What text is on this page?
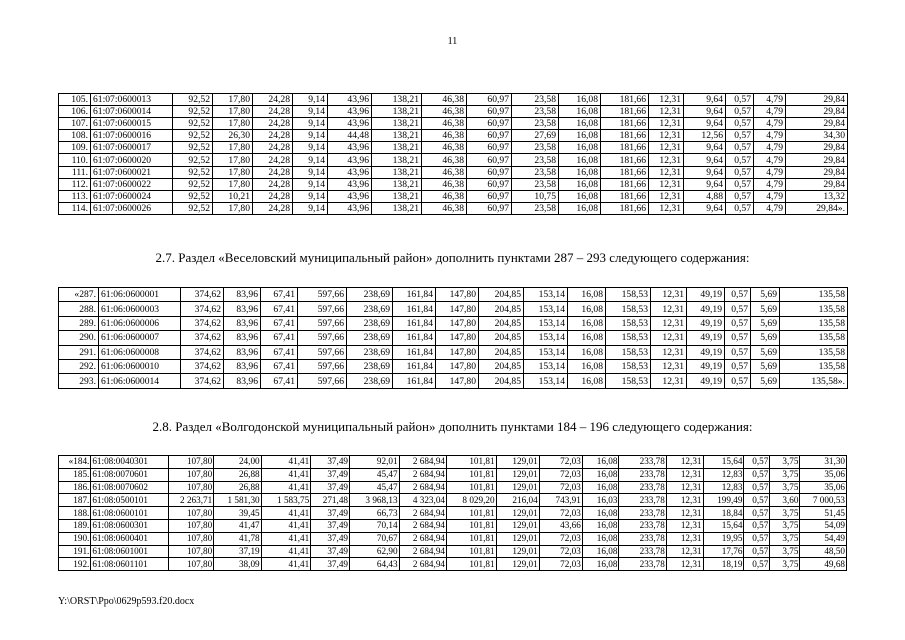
11
105.	61:07:0600013	92,52	17,80	24,28	9,14	43,96	138,21	46,38	60,97	23,58	16,08	181,66	12,31	9,64	0,57	4,79	29,84
106.	61:07:0600014	92,52	17,80	24,28	9,14	43,96	138,21	46,38	60,97	23,58	16,08	181,66	12,31	9,64	0,57	4,79	29,84
107.	61:07:0600015	92,52	17,80	24,28	9,14	43,96	138,21	46,38	60,97	23,58	16,08	181,66	12,31	9,64	0,57	4,79	29,84
108.	61:07:0600016	92,52	26,30	24,28	9,14	44,48	138,21	46,38	60,97	27,69	16,08	181,66	12,31	12,56	0,57	4,79	34,30
109.	61:07:0600017	92,52	17,80	24,28	9,14	43,96	138,21	46,38	60,97	23,58	16,08	181,66	12,31	9,64	0,57	4,79	29,84
110.	61:07:0600020	92,52	17,80	24,28	9,14	43,96	138,21	46,38	60,97	23,58	16,08	181,66	12,31	9,64	0,57	4,79	29,84
111.	61:07:0600021	92,52	17,80	24,28	9,14	43,96	138,21	46,38	60,97	23,58	16,08	181,66	12,31	9,64	0,57	4,79	29,84
112.	61:07:0600022	92,52	17,80	24,28	9,14	43,96	138,21	46,38	60,97	23,58	16,08	181,66	12,31	9,64	0,57	4,79	29,84
113.	61:07:0600024	92,52	10,21	24,28	9,14	43,96	138,21	46,38	60,97	10,75	16,08	181,66	12,31	4,88	0,57	4,79	13,32
114.	61:07:0600026	92,52	17,80	24,28	9,14	43,96	138,21	46,38	60,97	23,58	16,08	181,66	12,31	9,64	0,57	4,79	29,84».
2.7. Раздел «Веселовский муниципальный район» дополнить пунктами 287 – 293 следующего содержания:
«287.	61:06:0600001	374,62	83,96	67,41	597,66	238,69	161,84	147,80	204,85	153,14	16,08	158,53	12,31	49,19	0,57	5,69	135,58
288.	61:06:0600003	374,62	83,96	67,41	597,66	238,69	161,84	147,80	204,85	153,14	16,08	158,53	12,31	49,19	0,57	5,69	135,58
289.	61:06:0600006	374,62	83,96	67,41	597,66	238,69	161,84	147,80	204,85	153,14	16,08	158,53	12,31	49,19	0,57	5,69	135,58
290.	61:06:0600007	374,62	83,96	67,41	597,66	238,69	161,84	147,80	204,85	153,14	16,08	158,53	12,31	49,19	0,57	5,69	135,58
291.	61:06:0600008	374,62	83,96	67,41	597,66	238,69	161,84	147,80	204,85	153,14	16,08	158,53	12,31	49,19	0,57	5,69	135,58
292.	61:06:0600010	374,62	83,96	67,41	597,66	238,69	161,84	147,80	204,85	153,14	16,08	158,53	12,31	49,19	0,57	5,69	135,58
293.	61:06:0600014	374,62	83,96	67,41	597,66	238,69	161,84	147,80	204,85	153,14	16,08	158,53	12,31	49,19	0,57	5,69	135,58».
2.8. Раздел «Волгодонской муниципальный район» дополнить пунктами 184 – 196 следующего содержания:
«184.	61:08:0040301	107,80	24,00	41,41	37,49	92,01	2 684,94	101,81	129,01	72,03	16,08	233,78	12,31	15,64	0,57	3,75	31,30
185.	61:08:0070601	107,80	26,88	41,41	37,49	45,47	2 684,94	101,81	129,01	72,03	16,08	233,78	12,31	12,83	0,57	3,75	35,06
186.	61:08:0070602	107,80	26,88	41,41	37,49	45,47	2 684,94	101,81	129,01	72,03	16,08	233,78	12,31	12,83	0,57	3,75	35,06
187.	61:08:0500101	2 263,71	1 581,30	1 583,75	271,48	3 968,13	4 323,04	8 029,20	216,04	743,91	16,03	233,78	12,31	199,49	0,57	3,60	7 000,53
188.	61:08:0600101	107,80	39,45	41,41	37,49	66,73	2 684,94	101,81	129,01	72,03	16,08	233,78	12,31	18,84	0,57	3,75	51,45
189.	61:08:0600301	107,80	41,47	41,41	37,49	70,14	2 684,94	101,81	129,01	43,66	16,08	233,78	12,31	15,64	0,57	3,75	54,09
190.	61:08:0600401	107,80	41,78	41,41	37,49	70,67	2 684,94	101,81	129,01	72,03	16,08	233,78	12,31	19,95	0,57	3,75	54,49
191.	61:08:0601001	107,80	37,19	41,41	37,49	62,90	2 684,94	101,81	129,01	72,03	16,08	233,78	12,31	17,76	0,57	3,75	48,50
192.	61:08:0601101	107,80	38,09	41,41	37,49	64,43	2 684,94	101,81	129,01	72,03	16,08	233,78	12,31	18,19	0,57	3,75	49,68
Y:\ORST\Ppo\0629p593.f20.docx
